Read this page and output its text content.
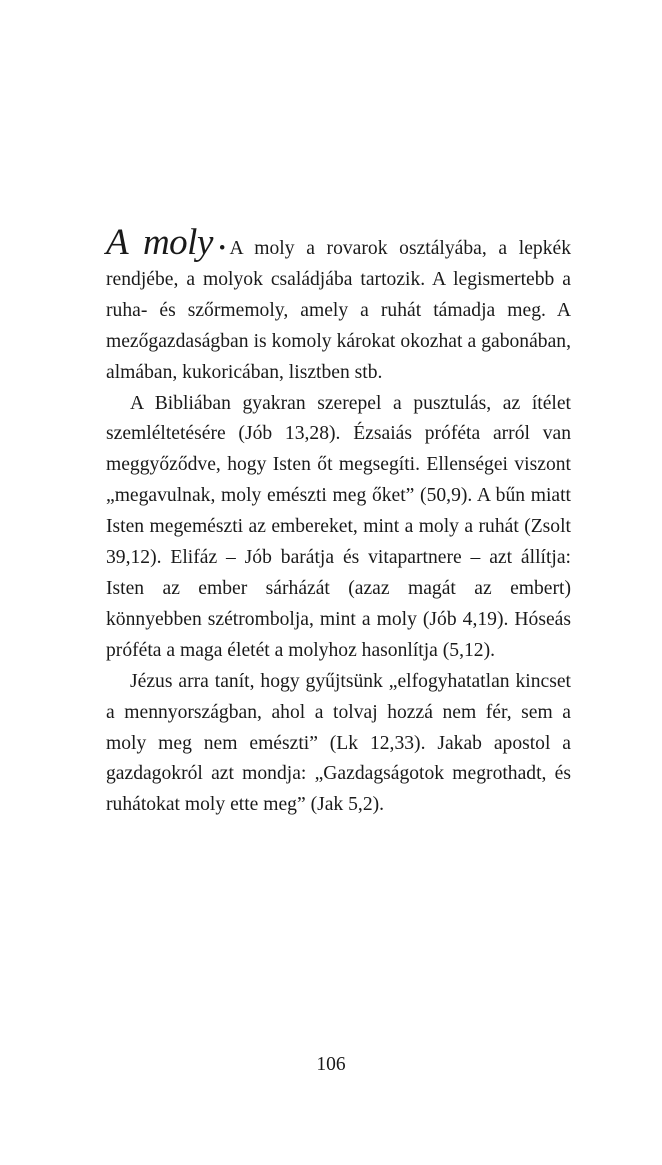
A moly • A moly a rovarok osztályába, a lepkék rendjébe, a molyok családjába tartozik. A legismertebb a ruha- és szőrmemoly, amely a ruhát támadja meg. A mezőgazdaságban is komoly károkat okozhat a gabonában, almában, kukoricában, lisztben stb.

A Bibliában gyakran szerepel a pusztulás, az ítélet szemléltetésére (Jób 13,28). Ézsaiás próféta arról van meggyőződve, hogy Isten őt megsegíti. Ellenségei viszont „megavulnak, moly emészti meg őket” (50,9). A bűn miatt Isten megemészti az embereket, mint a moly a ruhát (Zsolt 39,12). Elifáz – Jób barátja és vitapartnere – azt állítja: Isten az ember sárházát (azaz magát az embert) könnyebben szétrombolja, mint a moly (Jób 4,19). Hóseás próféta a maga életét a molyhoz hasonlítja (5,12).

Jézus arra tanít, hogy gyűjtsünk „elfogyhatatlan kincset a mennyországban, ahol a tolvaj hozzá nem fér, sem a moly meg nem emészti” (Lk 12,33). Jakab apostol a gazdagokról azt mondja: „Gazdagságotok megrothadt, és ruhátokat moly ette meg” (Jak 5,2).

106
